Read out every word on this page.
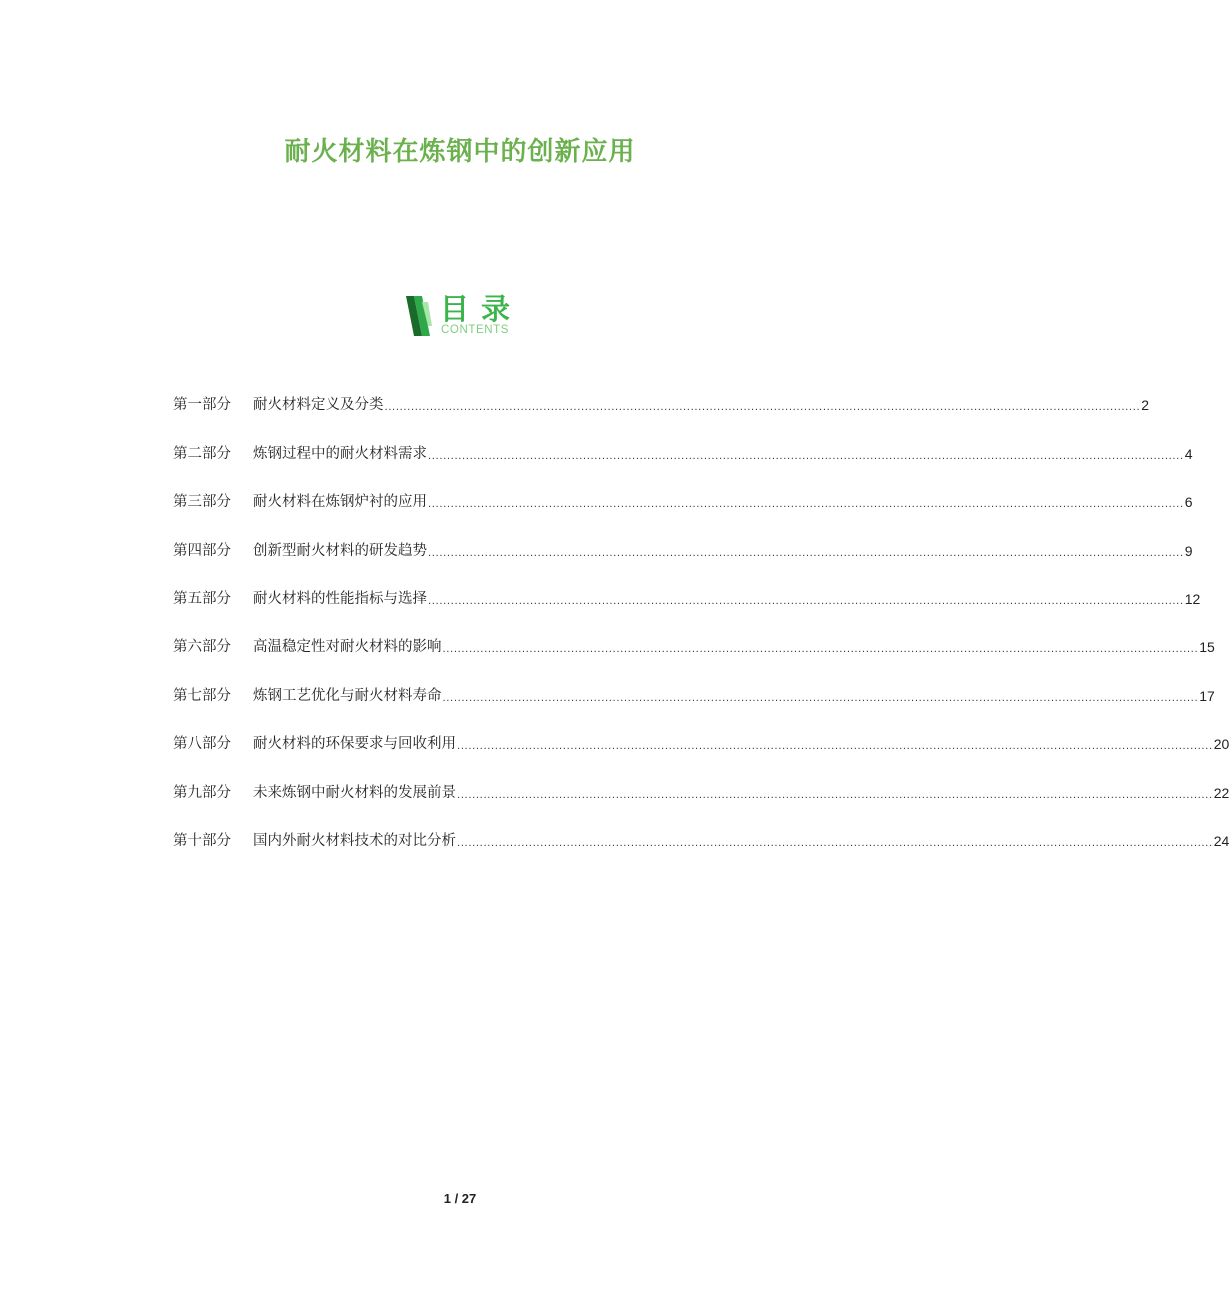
耐火材料在炼钢中的创新应用
目录
CONTENTS
第一部分	耐火材料定义及分类 ........................................................................................................................................................................................................ 2
第二部分	炼钢过程中的耐火材料需求 ........................................................................................................................................................................................................ 4
第三部分	耐火材料在炼钢炉衬的应用 ........................................................................................................................................................................................................ 6
第四部分	创新型耐火材料的研发趋势 ........................................................................................................................................................................................................ 9
第五部分	耐火材料的性能指标与选择 ........................................................................................................................................................................................................ 12
第六部分	高温稳定性对耐火材料的影响 ........................................................................................................................................................................................................ 15
第七部分	炼钢工艺优化与耐火材料寿命 ........................................................................................................................................................................................................ 17
第八部分	耐火材料的环保要求与回收利用 ........................................................................................................................................................................................................ 20
第九部分	未来炼钢中耐火材料的发展前景 ........................................................................................................................................................................................................ 22
第十部分	国内外耐火材料技术的对比分析 ........................................................................................................................................................................................................ 24
1 / 27
